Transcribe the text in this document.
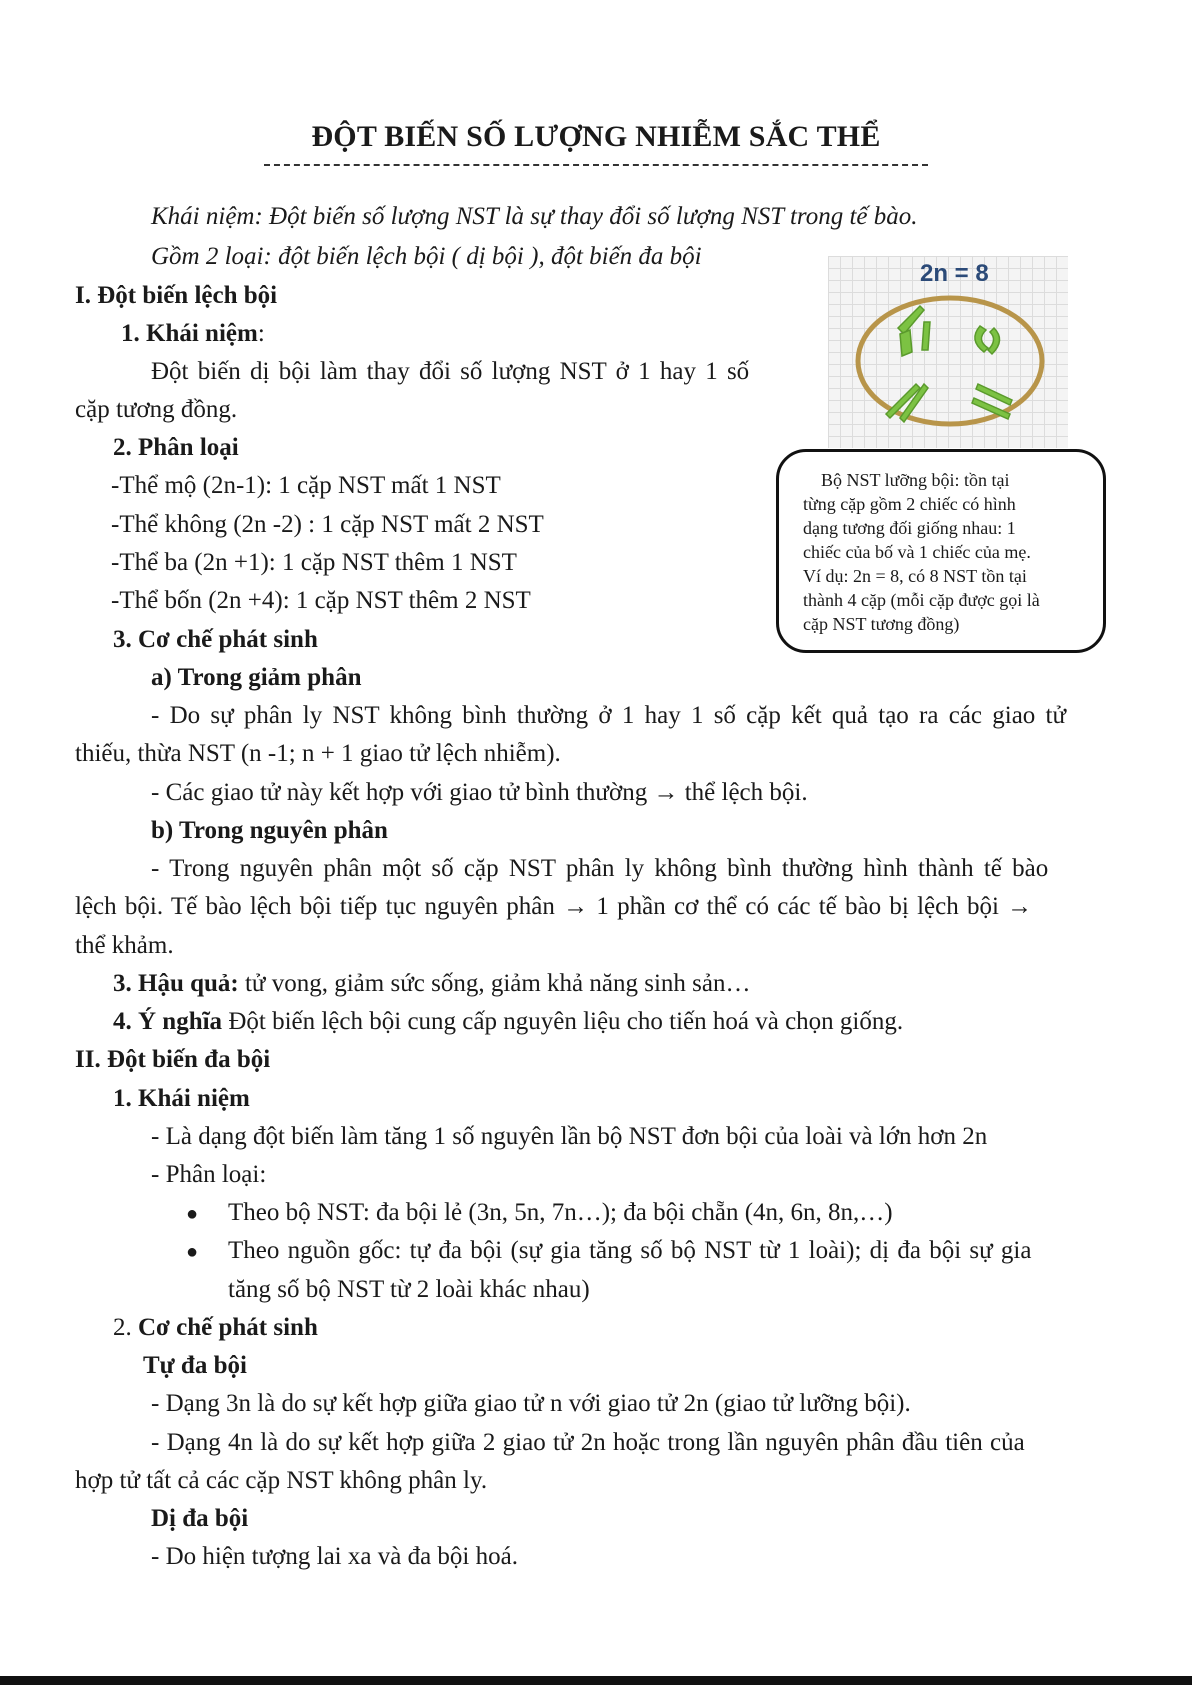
ĐỘT BIẾN SỐ LƯỢNG NHIỄM SẮC THỂ
Khái niệm: Đột biến số lượng NST là sự thay đổi số lượng NST trong tế bào.
Gồm 2 loại: đột biến lệch bội ( dị bội ), đột biến đa bội
2n = 8
Bộ NST lưỡng bội: tồn tại
từng cặp gồm 2 chiếc có hình
dạng tương đối giống nhau: 1
chiếc của bố và 1 chiếc của mẹ.
Ví dụ: 2n = 8, có 8 NST tồn tại
thành 4 cặp (mỗi cặp được gọi là
cặp NST tương đồng)
I. Đột biến lệch bội
1. Khái niệm:
Đột biến dị bội làm thay đổi số lượng NST ở 1 hay 1 số
cặp tương đồng.
2. Phân loại
-Thể mộ (2n-1): 1 cặp NST mất 1 NST
-Thể không (2n -2) : 1 cặp NST mất 2 NST
-Thể ba (2n +1): 1 cặp NST thêm 1 NST
-Thể bốn (2n +4): 1 cặp NST thêm 2 NST
3. Cơ chế phát sinh
a) Trong giảm phân
- Do sự phân ly NST không bình thường ở 1 hay 1 số cặp kết quả tạo ra các giao tử
thiếu, thừa NST (n -1; n + 1 giao tử lệch nhiễm).
- Các giao tử này kết hợp với giao tử bình thường → thể lệch bội.
b) Trong nguyên phân
- Trong nguyên phân một số cặp NST phân ly không bình thường hình thành tế bào
lệch bội. Tế bào lệch bội tiếp tục nguyên phân → 1 phần cơ thể có các tế bào bị lệch bội →
thể khảm.
3. Hậu quả: tử vong, giảm sức sống, giảm khả năng sinh sản…
4. Ý nghĩa Đột biến lệch bội cung cấp nguyên liệu cho tiến hoá và chọn giống.
II. Đột biến đa bội
1. Khái niệm
- Là dạng đột biến làm tăng 1 số nguyên lần bộ NST đơn bội của loài và lớn hơn 2n
- Phân loại:
● Theo bộ NST: đa bội lẻ (3n, 5n, 7n…); đa bội chẵn (4n, 6n, 8n,…)
● Theo nguồn gốc: tự đa bội (sự gia tăng số bộ NST từ 1 loài); dị đa bội sự gia
tăng số bộ NST từ 2 loài khác nhau)
2. Cơ chế phát sinh
Tự đa bội
- Dạng 3n là do sự kết hợp giữa giao tử n với giao tử 2n (giao tử lưỡng bội).
- Dạng 4n là do sự kết hợp giữa 2 giao tử 2n hoặc trong lần nguyên phân đầu tiên của
hợp tử tất cả các cặp NST không phân ly.
Dị đa bội
- Do hiện tượng lai xa và đa bội hoá.
